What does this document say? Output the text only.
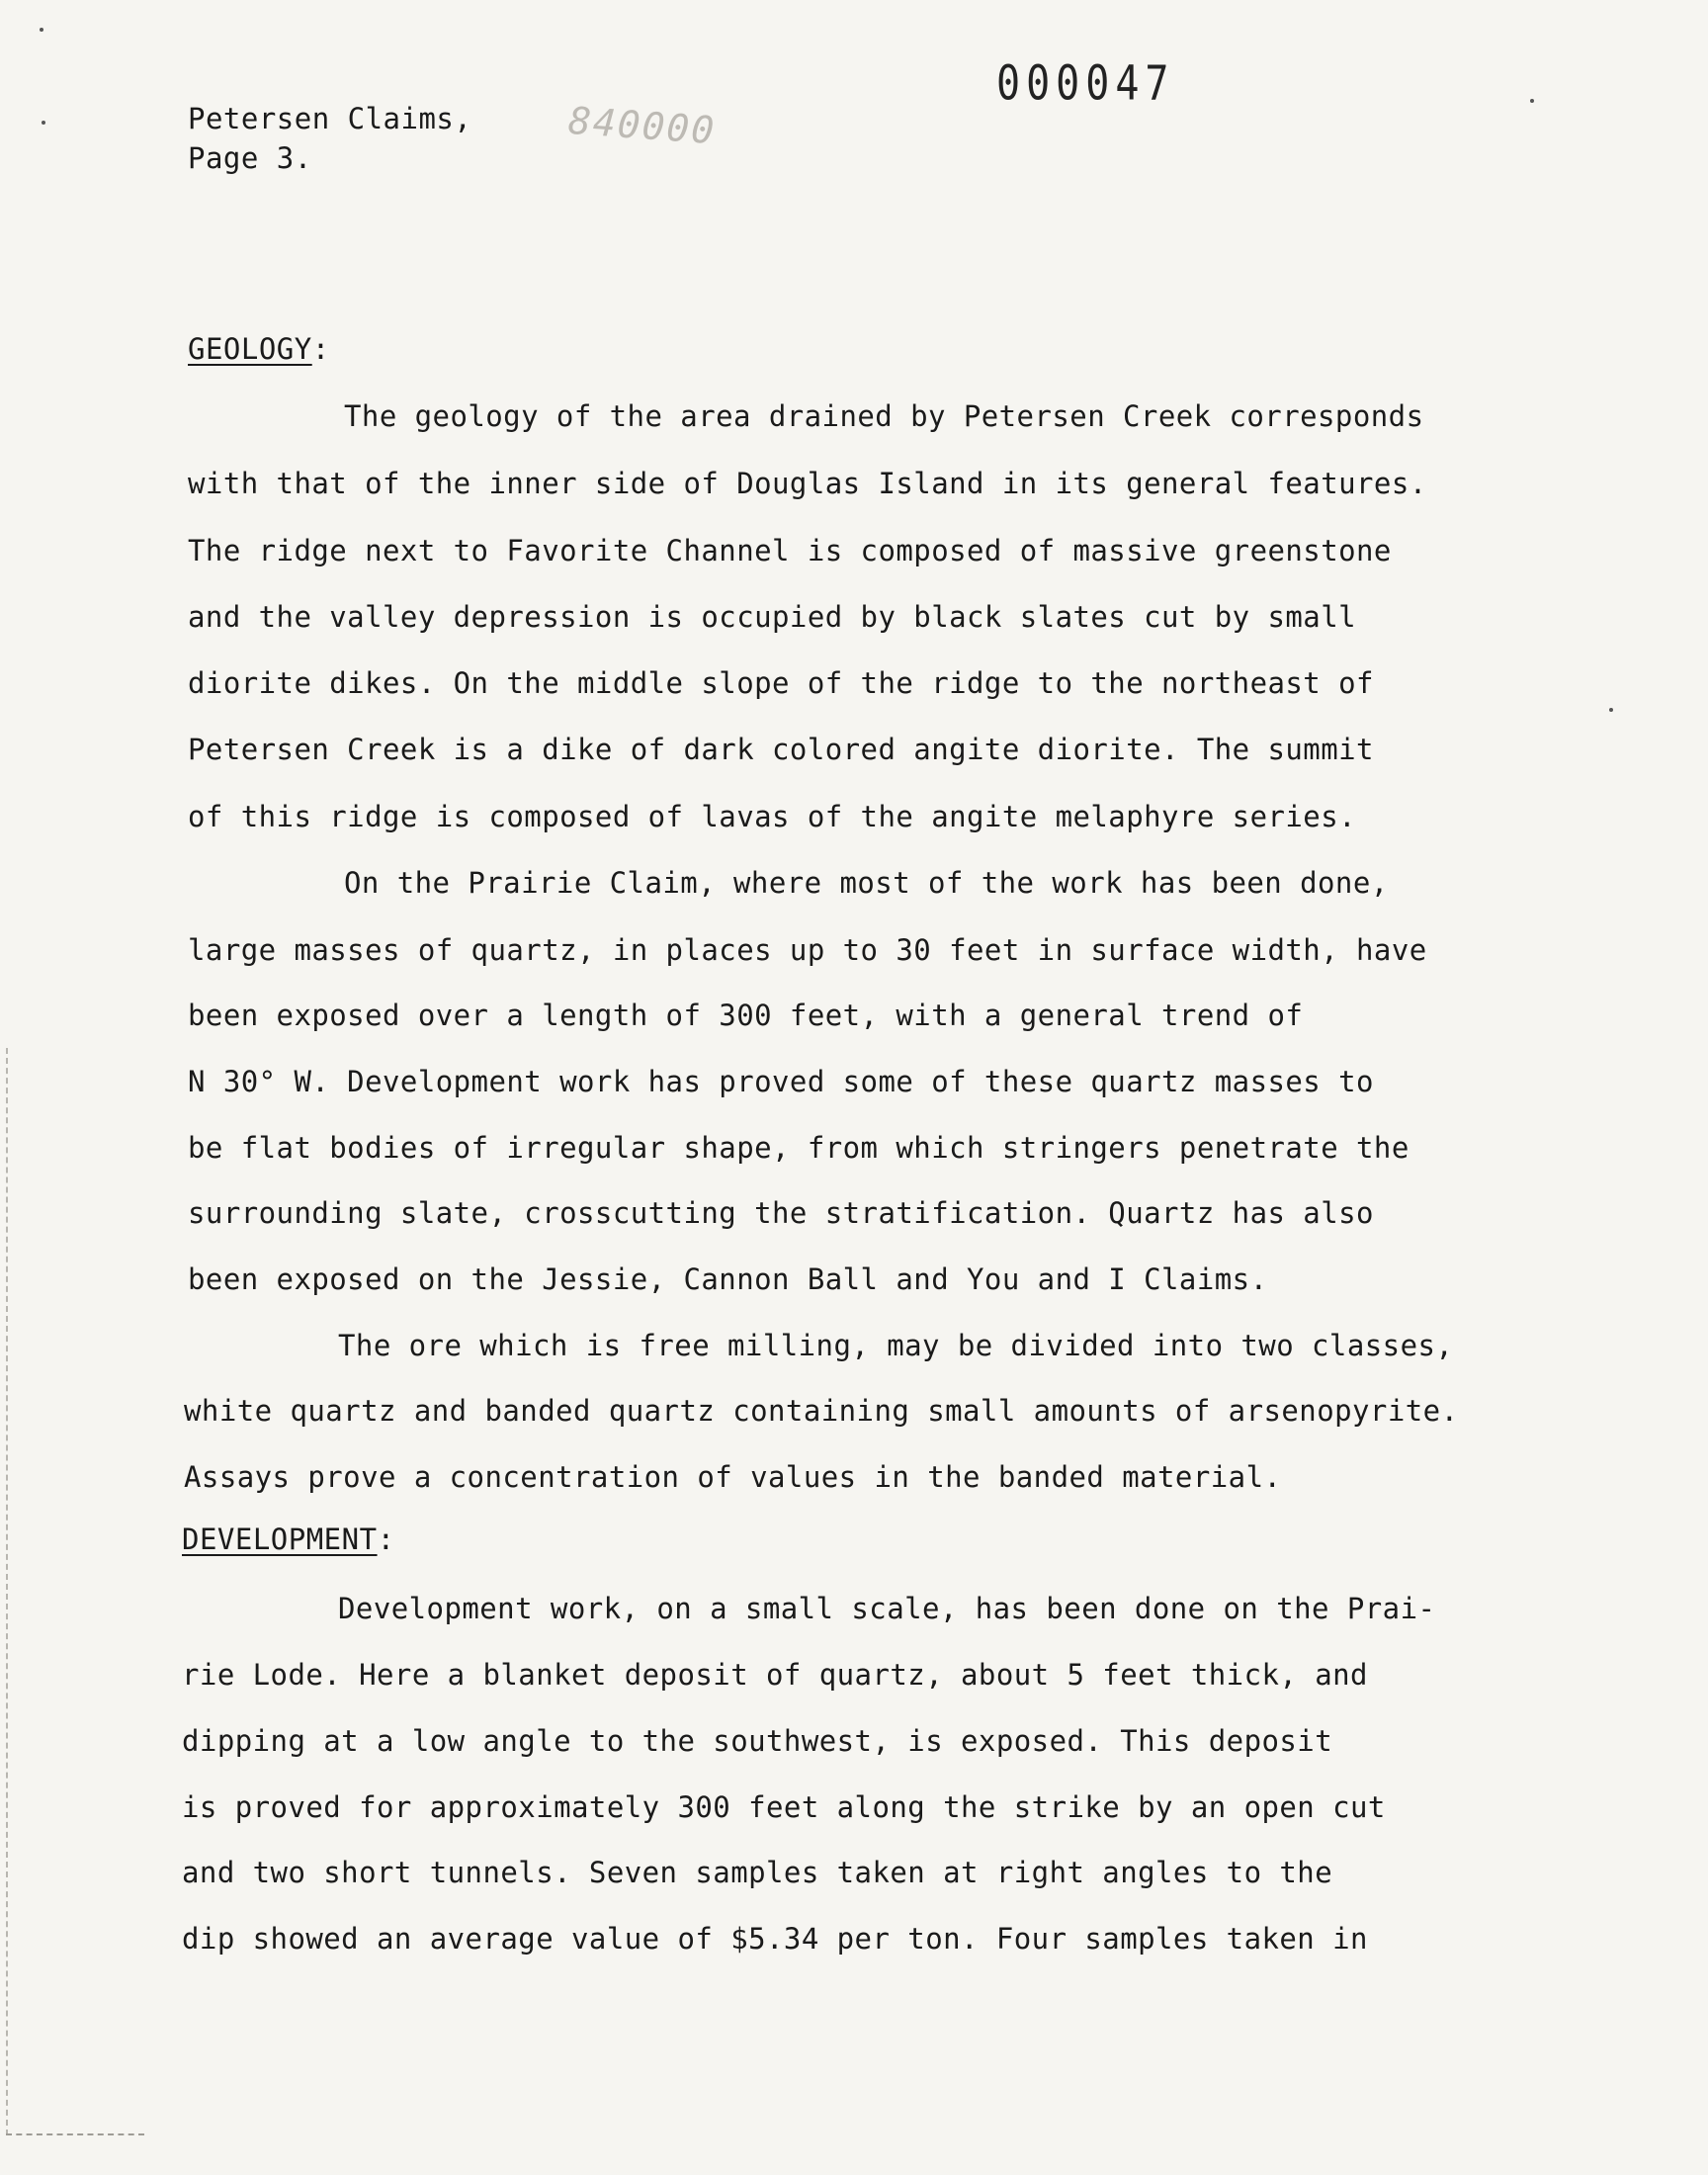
Petersen Claims,
Page 3.
840000
000047
GEOLOGY:
The geology of the area drained by Petersen Creek corresponds
with that of the inner side of Douglas Island in its general features.
The ridge next to Favorite Channel is composed of massive greenstone
and the valley depression is occupied by black slates cut by small
diorite dikes. On the middle slope of the ridge to the northeast of
Petersen Creek is a dike of dark colored angite diorite. The summit
of this ridge is composed of lavas of the angite melaphyre series.
On the Prairie Claim, where most of the work has been done,
large masses of quartz, in places up to 30 feet in surface width, have
been exposed over a length of 300 feet, with a general trend of
N 30° W. Development work has proved some of these quartz masses to
be flat bodies of irregular shape, from which stringers penetrate the
surrounding slate, crosscutting the stratification. Quartz has also
been exposed on the Jessie, Cannon Ball and You and I Claims.
The ore which is free milling, may be divided into two classes,
white quartz and banded quartz containing small amounts of arsenopyrite.
Assays prove a concentration of values in the banded material.
DEVELOPMENT:
Development work, on a small scale, has been done on the Prai-
rie Lode. Here a blanket deposit of quartz, about 5 feet thick, and
dipping at a low angle to the southwest, is exposed. This deposit
is proved for approximately 300 feet along the strike by an open cut
and two short tunnels. Seven samples taken at right angles to the
dip showed an average value of $5.34 per ton. Four samples taken in
